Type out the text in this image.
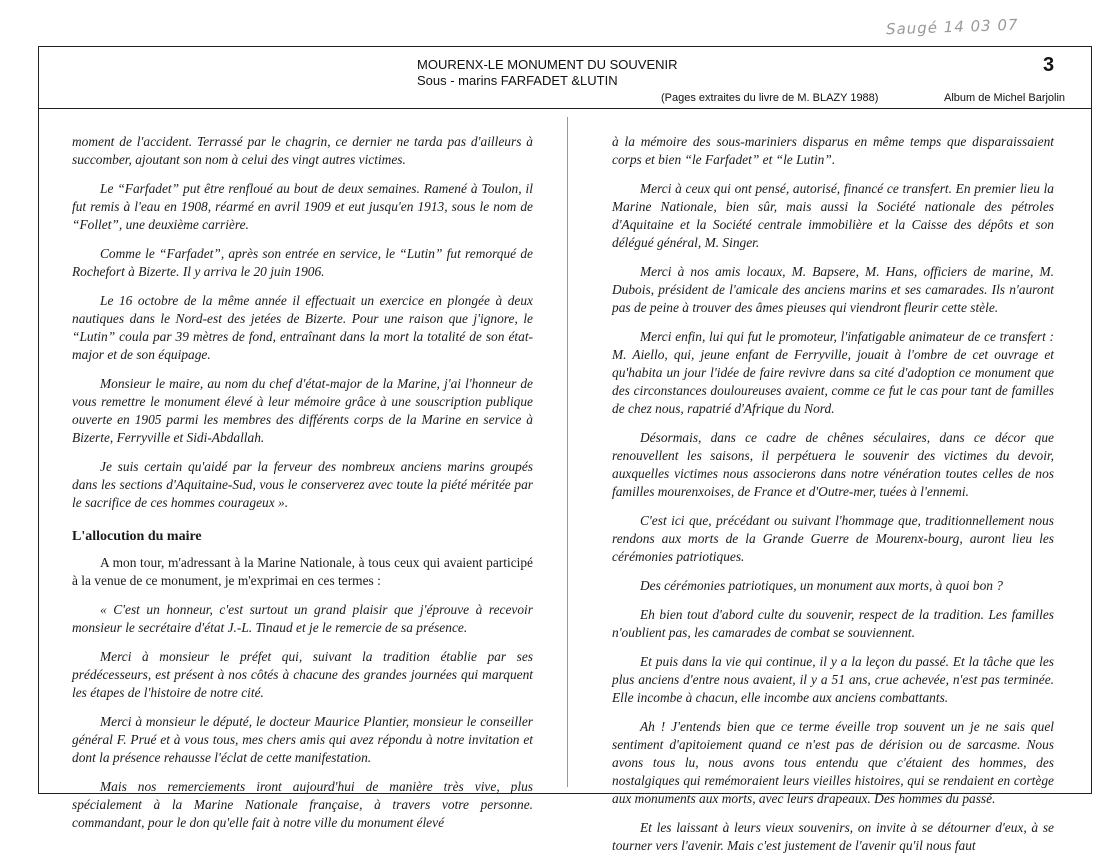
Saugé 14 03 07
MOURENX-LE MONUMENT DU SOUVENIR
Sous - marins FARFADET &LUTIN
(Pages extraites du livre de M. BLAZY 1988)	Album de Michel Barjolin
3

moment de l'accident. Terrassé par le chagrin, ce dernier ne tarda pas d'ailleurs à succomber, ajoutant son nom à celui des vingt autres victimes.

Le “Farfadet” put être renfloué au bout de deux semaines. Ramené à Toulon, il fut remis à l'eau en 1908, réarmé en avril 1909 et eut jusqu'en 1913, sous le nom de “Follet”, une deuxième carrière.

Comme le “Farfadet”, après son entrée en service, le “Lutin” fut remorqué de Rochefort à Bizerte. Il y arriva le 20 juin 1906.

Le 16 octobre de la même année il effectuait un exercice en plongée à deux nautiques dans le Nord-est des jetées de Bizerte. Pour une raison que j'ignore, le “Lutin” coula par 39 mètres de fond, entraînant dans la mort la totalité de son état-major et de son équipage.

Monsieur le maire, au nom du chef d'état-major de la Marine, j'ai l'honneur de vous remettre le monument élevé à leur mémoire grâce à une souscription publique ouverte en 1905 parmi les membres des différents corps de la Marine en service à Bizerte, Ferryville et Sidi-Abdallah.

Je suis certain qu'aidé par la ferveur des nombreux anciens marins groupés dans les sections d'Aquitaine-Sud, vous le conserverez avec toute la piété méritée par le sacrifice de ces hommes courageux ».

L'allocution du maire

A mon tour, m'adressant à la Marine Nationale, à tous ceux qui avaient participé à la venue de ce monument, je m'exprimai en ces termes :

« C'est un honneur, c'est surtout un grand plaisir que j'éprouve à recevoir monsieur le secrétaire d'état J.-L. Tinaud et je le remercie de sa présence.

Merci à monsieur le préfet qui, suivant la tradition établie par ses prédécesseurs, est présent à nos côtés à chacune des grandes journées qui marquent les étapes de l'histoire de notre cité.

Merci à monsieur le député, le docteur Maurice Plantier, monsieur le conseiller général F. Prué et à vous tous, mes chers amis qui avez répondu à notre invitation et dont la présence rehausse l'éclat de cette manifestation.

Mais nos remerciements iront aujourd'hui de manière très vive, plus spécialement à la Marine Nationale française, à travers votre personne. commandant, pour le don qu'elle fait à notre ville du monument élevé

à la mémoire des sous-mariniers disparus en même temps que disparaissaient corps et bien “le Farfadet” et “le Lutin”.

Merci à ceux qui ont pensé, autorisé, financé ce transfert. En premier lieu la Marine Nationale, bien sûr, mais aussi la Société nationale des pétroles d'Aquitaine et la Société centrale immobilière et la Caisse des dépôts et son délégué général, M. Singer.

Merci à nos amis locaux, M. Bapsere, M. Hans, officiers de marine, M. Dubois, président de l'amicale des anciens marins et ses camarades. Ils n'auront pas de peine à trouver des âmes pieuses qui viendront fleurir cette stèle.

Merci enfin, lui qui fut le promoteur, l'infatigable animateur de ce transfert : M. Aiello, qui, jeune enfant de Ferryville, jouait à l'ombre de cet ouvrage et qu'habita un jour l'idée de faire revivre dans sa cité d'adoption ce monument que des circonstances douloureuses avaient, comme ce fut le cas pour tant de familles de chez nous, rapatrié d'Afrique du Nord.

Désormais, dans ce cadre de chênes séculaires, dans ce décor que renouvellent les saisons, il perpétuera le souvenir des victimes du devoir, auxquelles victimes nous associerons dans notre vénération toutes celles de nos familles mourenxoises, de France et d'Outre-mer, tuées à l'ennemi.

C'est ici que, précédant ou suivant l'hommage que, traditionnellement nous rendons aux morts de la Grande Guerre de Mourenx-bourg, auront lieu les cérémonies patriotiques.

Des cérémonies patriotiques, un monument aux morts, à quoi bon ?

Eh bien tout d'abord culte du souvenir, respect de la tradition. Les familles n'oublient pas, les camarades de combat se souviennent.

Et puis dans la vie qui continue, il y a la leçon du passé. Et la tâche que les plus anciens d'entre nous avaient, il y a 51 ans, crue achevée, n'est pas terminée. Elle incombe à chacun, elle incombe aux anciens combattants.

Ah ! J'entends bien que ce terme éveille trop souvent un je ne sais quel sentiment d'apitoiement quand ce n'est pas de dérision ou de sarcasme. Nous avons tous lu, nous avons tous entendu que c'étaient des hommes, des nostalgiques qui remémoraient leurs vieilles histoires, qui se rendaient en cortège aux monuments aux morts, avec leurs drapeaux. Des hommes du passé.

Et les laissant à leurs vieux souvenirs, on invite à se détourner d'eux, à se tourner vers l'avenir. Mais c'est justement de l'avenir qu'il nous faut
